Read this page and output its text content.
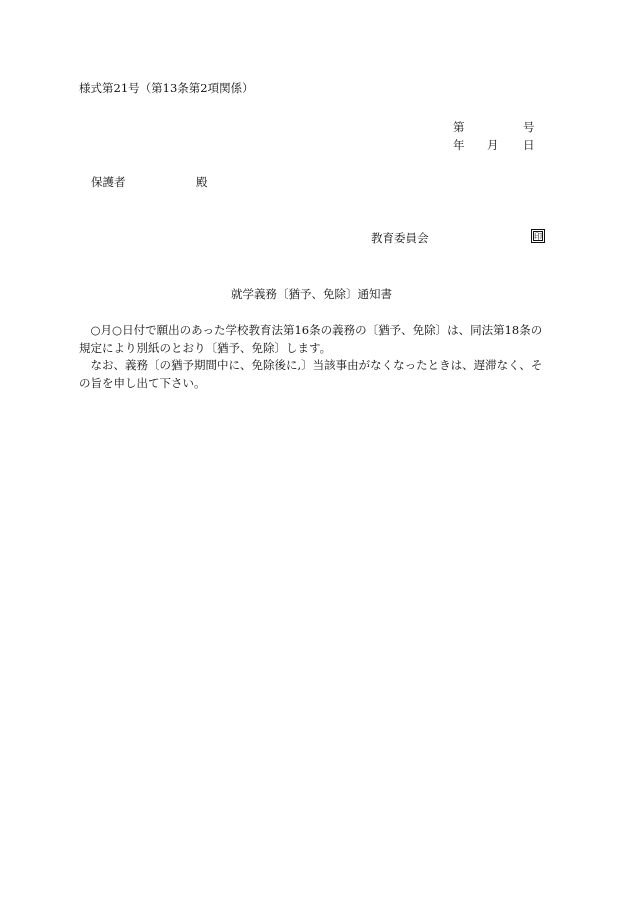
様式第21号（第13条第2項関係）
第	号
年 月 日
保護者	殿
教育委員会	印
就学義務〔猶予、免除〕通知書

○月○日付で願出のあった学校教育法第16条の義務の〔猶予、免除〕は、同法第18条の規定により別紙のとおり〔猶予、免除〕します。

なお、義務〔の猶予期間中に、免除後に,〕当該事由がなくなったときは、遅滞なく、その旨を申し出て下さい。
